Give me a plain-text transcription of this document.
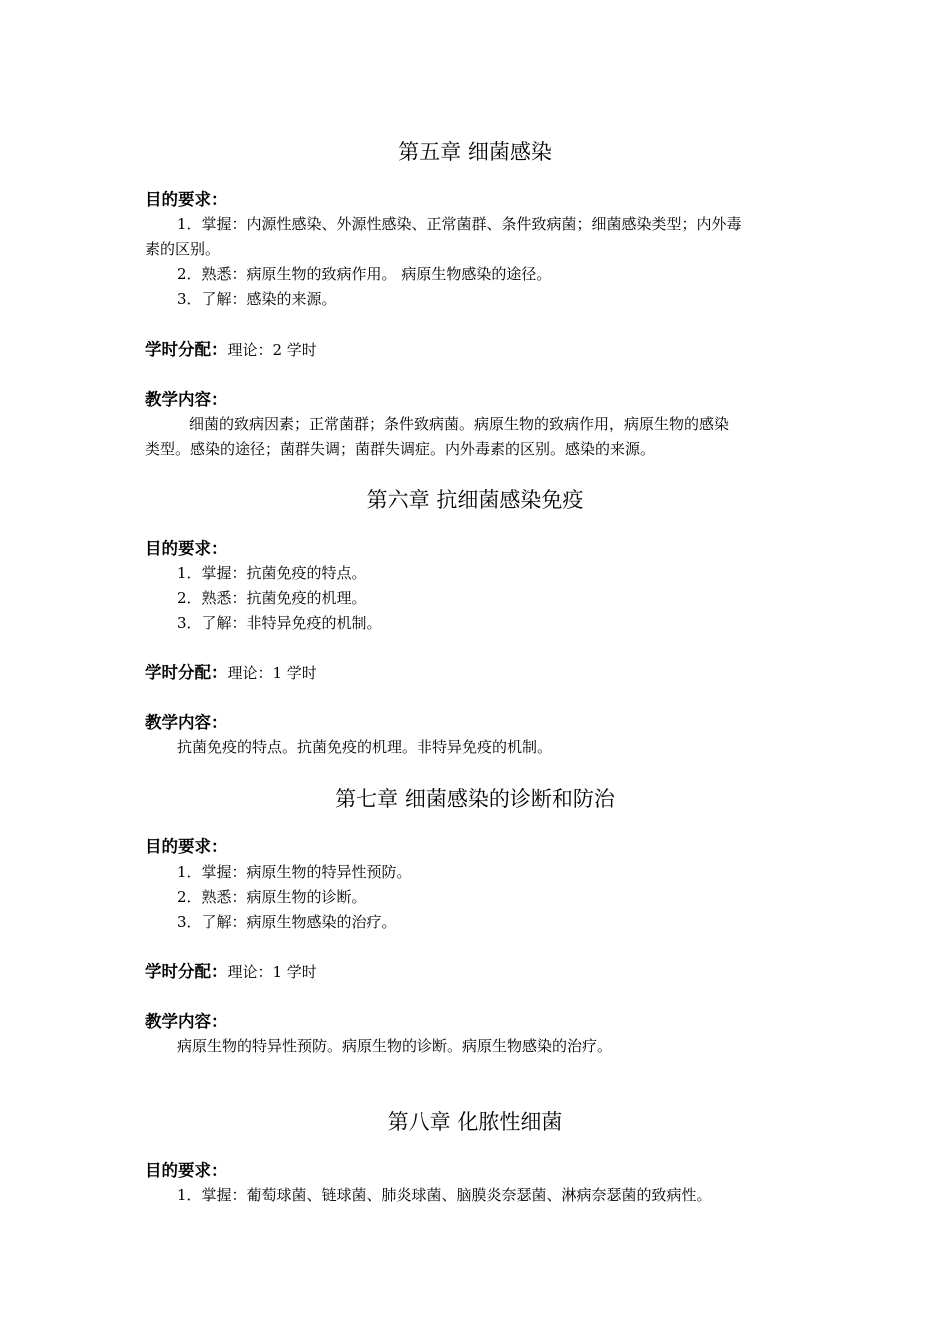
第五章 细菌感染
目的要求：
1．掌握：内源性感染、外源性感染、正常菌群、条件致病菌；细菌感染类型；内外毒
素的区别。
2．熟悉：病原生物的致病作用。 病原生物感染的途径。
3．了解：感染的来源。
学时分配：理论：2 学时
教学内容：
细菌的致病因素；正常菌群；条件致病菌。病原生物的致病作用，病原生物的感染
类型。感染的途径；菌群失调；菌群失调症。内外毒素的区别。感染的来源。
第六章 抗细菌感染免疫
目的要求：
1．掌握：抗菌免疫的特点。
2．熟悉：抗菌免疫的机理。
3．了解：非特异免疫的机制。
学时分配：理论：1 学时
教学内容：
抗菌免疫的特点。抗菌免疫的机理。非特异免疫的机制。
第七章 细菌感染的诊断和防治
目的要求：
1．掌握：病原生物的特异性预防。
2．熟悉：病原生物的诊断。
3．了解：病原生物感染的治疗。
学时分配：理论：1 学时
教学内容：
病原生物的特异性预防。病原生物的诊断。病原生物感染的治疗。
第八章 化脓性细菌
目的要求：
1．掌握：葡萄球菌、链球菌、肺炎球菌、脑膜炎奈瑟菌、淋病奈瑟菌的致病性。
